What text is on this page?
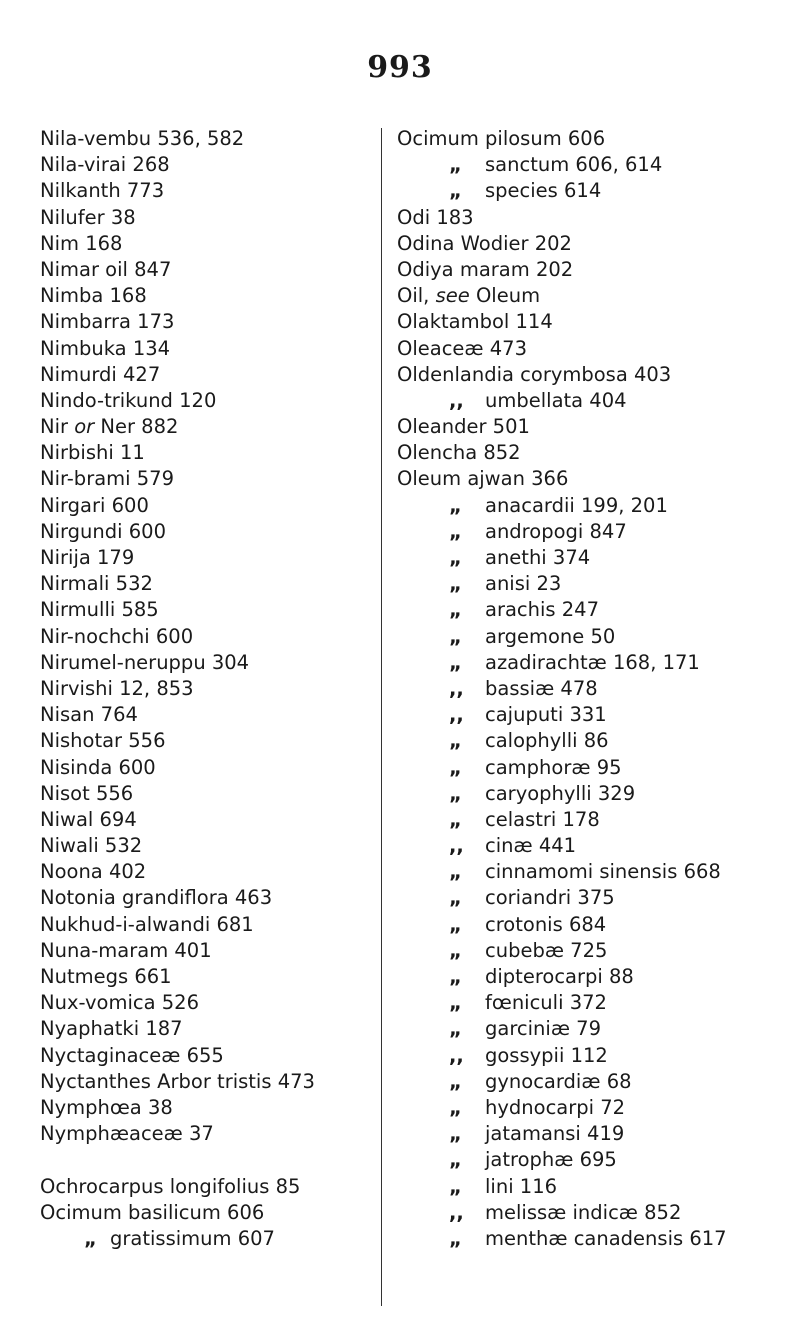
993
Nila-vembu 536, 582
Nila-virai 268
Nilkanth 773
Nilufer 38
Nim 168
Nimar oil 847
Nimba 168
Nimbarra 173
Nimbuka 134
Nimurdi 427
Nindo-trikund 120
Nir or Ner 882
Nirbishi 11
Nir-brami 579
Nirgari 600
Nirgundi 600
Nirija 179
Nirmali 532
Nirmulli 585
Nir-nochchi 600
Nirumel-neruppu 304
Nirvishi 12, 853
Nisan 764
Nishotar 556
Nisinda 600
Nisot 556
Niwal 694
Niwali 532
Noona 402
Notonia grandiflora 463
Nukhud-i-alwandi 681
Nuna-maram 401
Nutmegs 661
Nux-vomica 526
Nyaphatki 187
Nyctaginaceæ 655
Nyctanthes Arbor tristis 473
Nymphœa 38
Nymphæaceæ 37
Ochrocarpus longifolius 85
Ocimum basilicum 606
„ gratissimum 607
Ocimum pilosum 606
„ sanctum 606, 614
„ species 614
Odi 183
Odina Wodier 202
Odiya maram 202
Oil, see Oleum
Olaktambol 114
Oleaceæ 473
Oldenlandia corymbosa 403
,, umbellata 404
Oleander 501
Olencha 852
Oleum ajwan 366
„ anacardii 199, 201
„ andropogi 847
„ anethi 374
„ anisi 23
„ arachis 247
„ argemone 50
„ azadirachtæ 168, 171
,, bassiæ 478
,, cajuputi 331
„ calophylli 86
„ camphoræ 95
„ caryophylli 329
„ celastri 178
,, cinæ 441
„ cinnamomi sinensis 668
„ coriandri 375
„ crotonis 684
„ cubebæ 725
„ dipterocarpi 88
„ fœniculi 372
„ garciniæ 79
,, gossypii 112
„ gynocardiæ 68
„ hydnocarpi 72
„ jatamansi 419
„ jatrophæ 695
„ lini 116
,, melissæ indicæ 852
„ menthæ canadensis 617
